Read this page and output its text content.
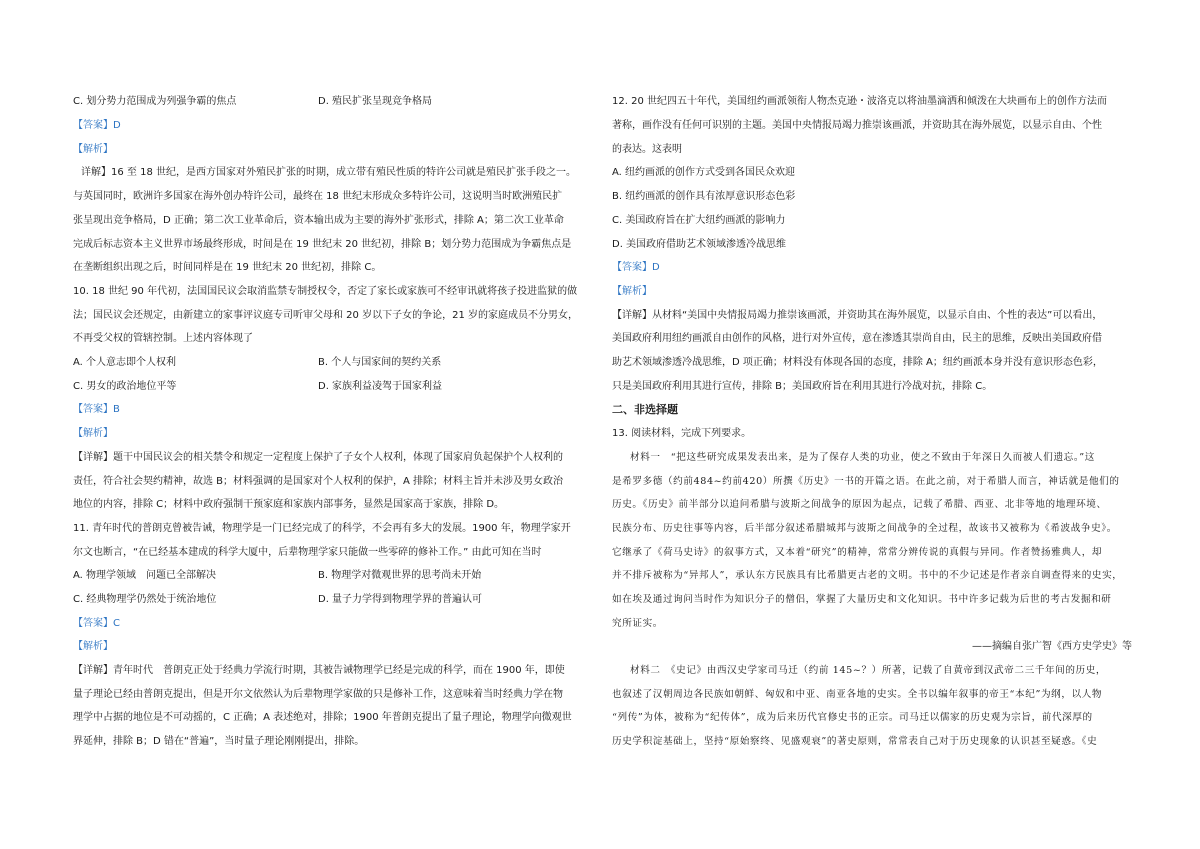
C. 划分势力范围成为列强争霸的焦点	D. 殖民扩张呈现竞争格局
【答案】D
【解析】
详解】16 至 18 世纪，是西方国家对外殖民扩张的时期，成立带有殖民性质的特许公司就是殖民扩张手段之一。
与英国同时，欧洲许多国家在海外创办特许公司，最终在 18 世纪末形成众多特许公司，这说明当时欧洲殖民扩
张呈现出竞争格局，D 正确；第二次工业革命后，资本输出成为主要的海外扩张形式，排除 A；第二次工业革命
完成后标志资本主义世界市场最终形成，时间是在 19 世纪末 20 世纪初，排除 B；划分势力范围成为争霸焦点是
在垄断组织出现之后，时间同样是在 19 世纪末 20 世纪初，排除 C。
10. 18 世纪 90 年代初，法国国民议会取消监禁专制授权令，否定了家长或家族可不经审讯就将孩子投进监狱的做
法；国民议会还规定，由新建立的家事评议庭专司听审父母和 20 岁以下子女的争论，21 岁的家庭成员不分男女，
不再受父权的管辖控制。上述内容体现了
A. 个人意志即个人权利	B. 个人与国家间的契约关系
C. 男女的政治地位平等	D. 家族利益凌驾于国家利益
【答案】B
【解析】
【详解】题干中国民议会的相关禁令和规定一定程度上保护了子女个人权利，体现了国家肩负起保护个人权利的
责任，符合社会契约精神，故选 B；材料强调的是国家对个人权利的保护，A 排除；材料主旨并未涉及男女政治
地位的内容，排除 C；材料中政府强制干预家庭和家族内部事务，显然是国家高于家族，排除 D。
11. 青年时代的普朗克曾被告诫，物理学是一门已经完成了的科学，不会再有多大的发展。1900 年，物理学家开
尔文也断言，“在已经基本建成的科学大厦中，后辈物理学家只能做一些零碎的修补工作。” 由此可知在当时
A. 物理学领域　问题已全部解决	B. 物理学对微观世界的思考尚未开始
C. 经典物理学仍然处于统治地位	D. 量子力学得到物理学界的普遍认可
【答案】C
【解析】
【详解】青年时代　普朗克正处于经典力学流行时期，其被告诫物理学已经是完成的科学，而在 1900 年，即使
量子理论已经由普朗克提出，但是开尔文依然认为后辈物理学家做的只是修补工作，这意味着当时经典力学在物
理学中占据的地位是不可动摇的，C 正确；A 表述绝对，排除；1900 年普朗克提出了量子理论，物理学向微观世
界延伸，排除 B；D 错在“普遍”，当时量子理论刚刚提出，排除。
12. 20 世纪四五十年代，美国纽约画派领衔人物杰克逊・波洛克以将油墨滴洒和倾泼在大块画布上的创作方法而
著称，画作没有任何可识别的主题。美国中央情报局竭力推崇该画派，并资助其在海外展览，以显示自由、个性
的表达。这表明
A. 纽约画派的创作方式受到各国民众欢迎
B. 纽约画派的创作具有浓厚意识形态色彩
C. 美国政府旨在扩大纽约画派的影响力
D. 美国政府借助艺术领域渗透冷战思维
【答案】D
【解析】
【详解】从材料“美国中央情报局竭力推崇该画派，并资助其在海外展览，以显示自由、个性的表达”可以看出，
美国政府利用纽约画派自由创作的风格，进行对外宣传，意在渗透其崇尚自由，民主的思维，反映出美国政府借
助艺术领域渗透冷战思维，D 项正确；材料没有体现各国的态度，排除 A；纽约画派本身并没有意识形态色彩，
只是美国政府利用其进行宣传，排除 B；美国政府旨在利用其进行冷战对抗，排除 C。
二、非选择题
13. 阅读材料，完成下列要求。
材料一　“把这些研究成果发表出来，是为了保存人类的功业，使之不致由于年深日久而被人们遗忘。”这
是希罗多德（约前484~约前420）所撰《历史》一书的开篇之语。在此之前，对于希腊人而言，神话就是他们的
历史。《历史》前半部分以追问希腊与波斯之间战争的原因为起点，记载了希腊、西亚、北非等地的地理环境、
民族分布、历史往事等内容，后半部分叙述希腊城邦与波斯之间战争的全过程，故该书又被称为《希波战争史》。
它继承了《荷马史诗》的叙事方式，又本着“研究”的精神，常常分辨传说的真假与异同。作者赞扬雅典人，却
并不排斥被称为“异邦人”，承认东方民族具有比希腊更古老的文明。书中的不少记述是作者亲自调查得来的史实，
如在埃及通过询问当时作为知识分子的僧侣，掌握了大量历史和文化知识。书中许多记载为后世的考古发掘和研
究所证实。
——摘编自张广智《西方史学史》等
材料二　《史记》由西汉史学家司马迁（约前 145~？）所著，记载了自黄帝到汉武帝二三千年间的历史，
也叙述了汉朝周边各民族如朝鲜、匈奴和中亚、南亚各地的史实。全书以编年叙事的帝王“本纪”为纲，以人物
“列传”为体，被称为“纪传体”，成为后来历代官修史书的正宗。司马迁以儒家的历史观为宗旨，前代深厚的
历史学积淀基础上，坚持“原始察终、见盛观衰”的著史原则，常常表自己对于历史现象的认识甚至疑惑。《史
